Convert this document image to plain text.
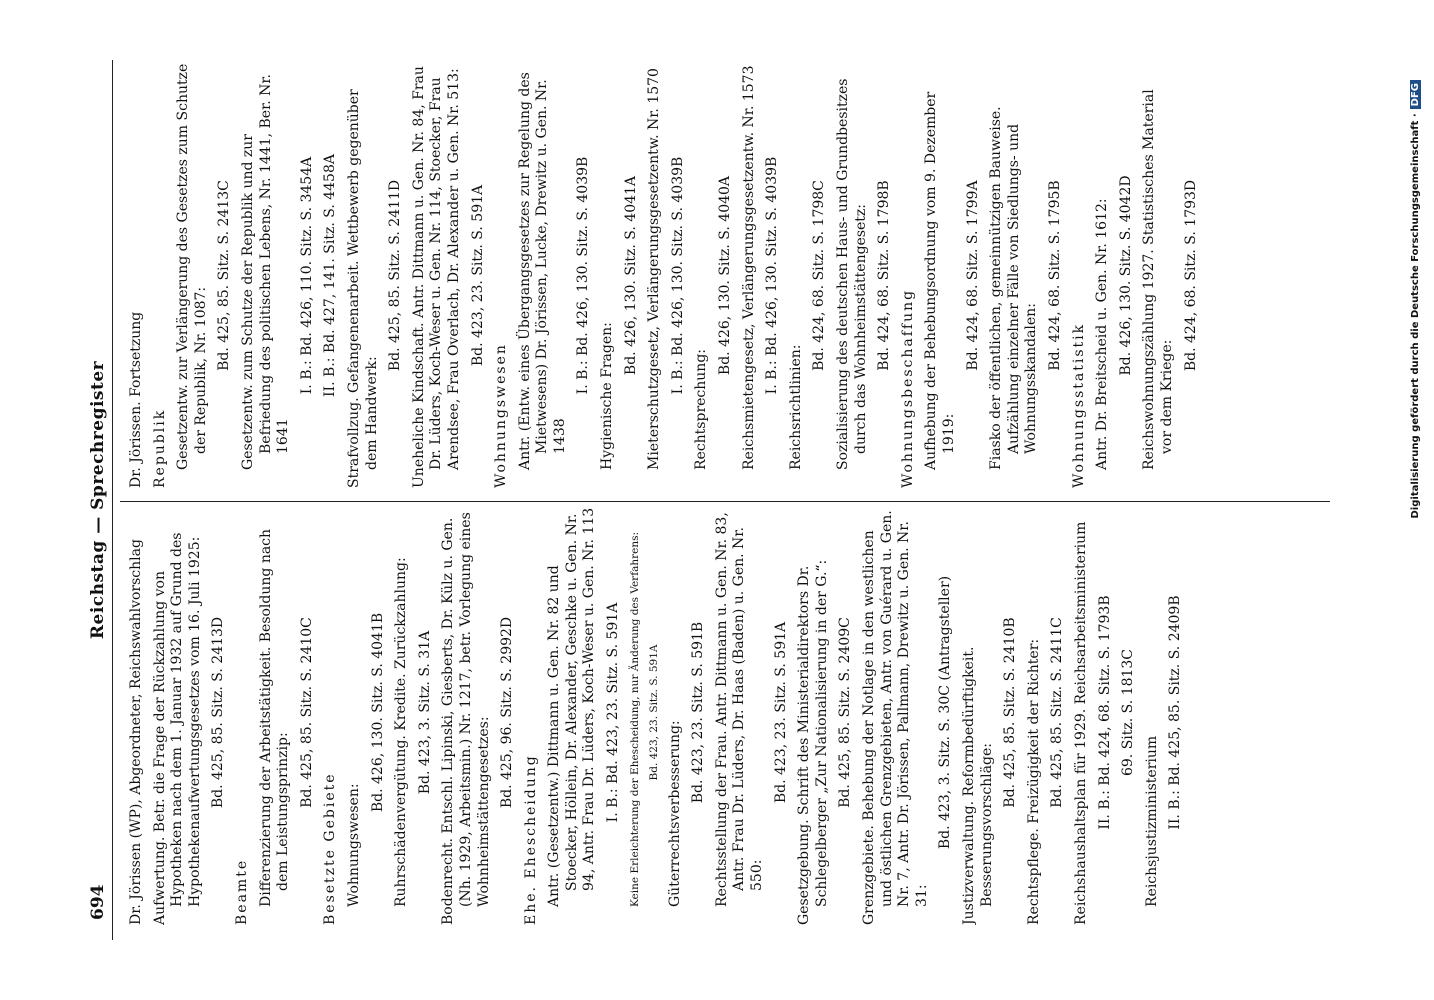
694
Reichstag — Sprechregister

Dr. Jörissen (WP), Abgeordneter, Reichswahlvorschlag Aufwertung. Betr. die Frage der Rückzahlung von Hypotheken nach dem 1. Januar 1932 auf Grund des Hypothekenaufwertungsgesetzes vom 16. Juli 1925: Bd. 425, 85. Sitz. S. 2413D

Beamte Differenzierung der Arbeitstätigkeit. Besoldung nach dem Leistungsprinzip:

Bd. 425, 85. Sitz. S. 2410C

Besetzte Gebiete Wohnungswesen:

Bd. 426, 130. Sitz. S. 4041B Ruhrschädenvergütung. Kredite. Zurückzahlung: Bd. 423, 3. Sitz. S. 31A Bodenrecht. Entschl. Lipinski, Giesberts, Dr. Külz u. Gen. (Nh. 1929, Arbeitsmin.) Nr. 1217, betr. Vorlegung eines Wohnheimstättengesetzes:

Bd. 425, 96. Sitz. S. 2992D

Ehe. Ehescheidung Antr. (Gesetzentw.) Dittmann u. Gen. Nr. 82 und Stoecker, Höllein, Dr. Alexander, Geschke u. Gen. Nr. 94, Antr. Frau Dr. Lüders, Koch-Weser u. Gen. Nr. 113 I. B.: Bd. 423, 23. Sitz. S. 591A Keine Erleichterung der Ehescheidung, nur Änderung des Verfahrens: Bd. 423, 23. Sitz. S. 591A

Güterrechtsverbesserung:

Bd. 423, 23. Sitz. S. 591B Rechtsstellung der Frau. Antr. Dittmann u. Gen. Nr. 83, Antr. Frau Dr. Lüders, Dr. Haas (Baden) u. Gen. Nr. 550:

Bd. 423, 23. Sitz. S. 591A Gesetzgebung. Schrift des Ministerialdirektors Dr. Schlegelberger „Zur Nationalisierung in der G.“: Bd. 425, 85. Sitz. S. 2409C Grenzgebiete. Behebung der Notlage in den westlichen und östlichen Grenzgebieten, Antr. von Guérard u. Gen. Nr. 7, Antr. Dr. Jörissen, Pallmann, Drewitz u. Gen. Nr. 31:

Bd. 423, 3. Sitz. S. 30C (Antragsteller) Justizverwaltung. Reformbedürftigkeit. Besserungsvorschläge:

Bd. 425, 85. Sitz. S. 2410B Rechtspflege. Freizügigkeit der Richter: Bd. 425, 85. Sitz. S. 2411C Reichshaushaltsplan für 1929. Reichsarbeitsministerium II. B.: Bd. 424, 68. Sitz. S. 1793B 69. Sitz. S. 1813C

Reichsjustizministerium II. B.: Bd. 425, 85. Sitz. S. 2409B

Dr. Jörissen. Fortsetzung Republik Gesetzentw. zur Verlängerung des Gesetzes zum Schutze der Republik, Nr. 1087: Bd. 425, 85. Sitz. S. 2413C Gesetzentw. zum Schutze der Republik und zur Befriedung des politischen Lebens, Nr. 1441, Ber. Nr. 1641

I. B.: Bd. 426, 110. Sitz. S. 3454A II. B.: Bd. 427, 141. Sitz. S. 4458A Strafvollzug. Gefangenenarbeit. Wettbewerb gegenüber dem Handwerk:

Bd. 425, 85. Sitz. S. 2411D Uneheliche Kindschaft. Antr. Dittmann u. Gen. Nr. 84, Frau Dr. Lüders, Koch-Weser u. Gen. Nr. 114, Stoecker, Frau Arendsee, Frau Overlach, Dr. Alexander u. Gen. Nr. 513: Bd. 423, 23. Sitz. S. 591A

Wohnungswesen Antr. (Entw. eines Übergangsgesetzes zur Regelung des Mietwesens) Dr. Jörissen, Lucke, Drewitz u. Gen. Nr. 1438

I. B.: Bd. 426, 130. Sitz. S. 4039B

Hygienische Fragen:

Bd. 426, 130. Sitz. S. 4041A Mieterschutzgesetz, Verlängerungsgesetzentw. Nr. 1570 I. B.: Bd. 426, 130. Sitz. S. 4039B

Rechtsprechung:

Bd. 426, 130. Sitz. S. 4040A Reichsmietengesetz, Verlängerungsgesetzentw. Nr. 1573 I. B.: Bd. 426, 130. Sitz. S. 4039B

Reichsrichtlinien:

Bd. 424, 68. Sitz. S. 1798C Sozialisierung des deutschen Haus- und Grundbesitzes durch das Wohnheimstättengesetz: Bd. 424, 68. Sitz. S. 1798B

Wohnungsbeschaffung Aufhebung der Behebungsordnung vom 9. Dezember 1919:

Bd. 424, 68. Sitz. S. 1799A Fiasko der öffentlichen, gemeinnützigen Bauweise. Aufzählung einzelner Fälle von Siedlungs- und Wohnungsskandalen:

Bd. 424, 68. Sitz. S. 1795B

Wohnungsstatistik Antr. Dr. Breitscheid u. Gen. Nr. 1612: Bd. 426, 130. Sitz. S. 4042D Reichswohnungszählung 1927. Statistisches Material vor dem Kriege:

Bd. 424, 68. Sitz. S. 1793D	Digitalisierung gefördert durch die Deutsche Forschungsgemeinschaft ·DFG
